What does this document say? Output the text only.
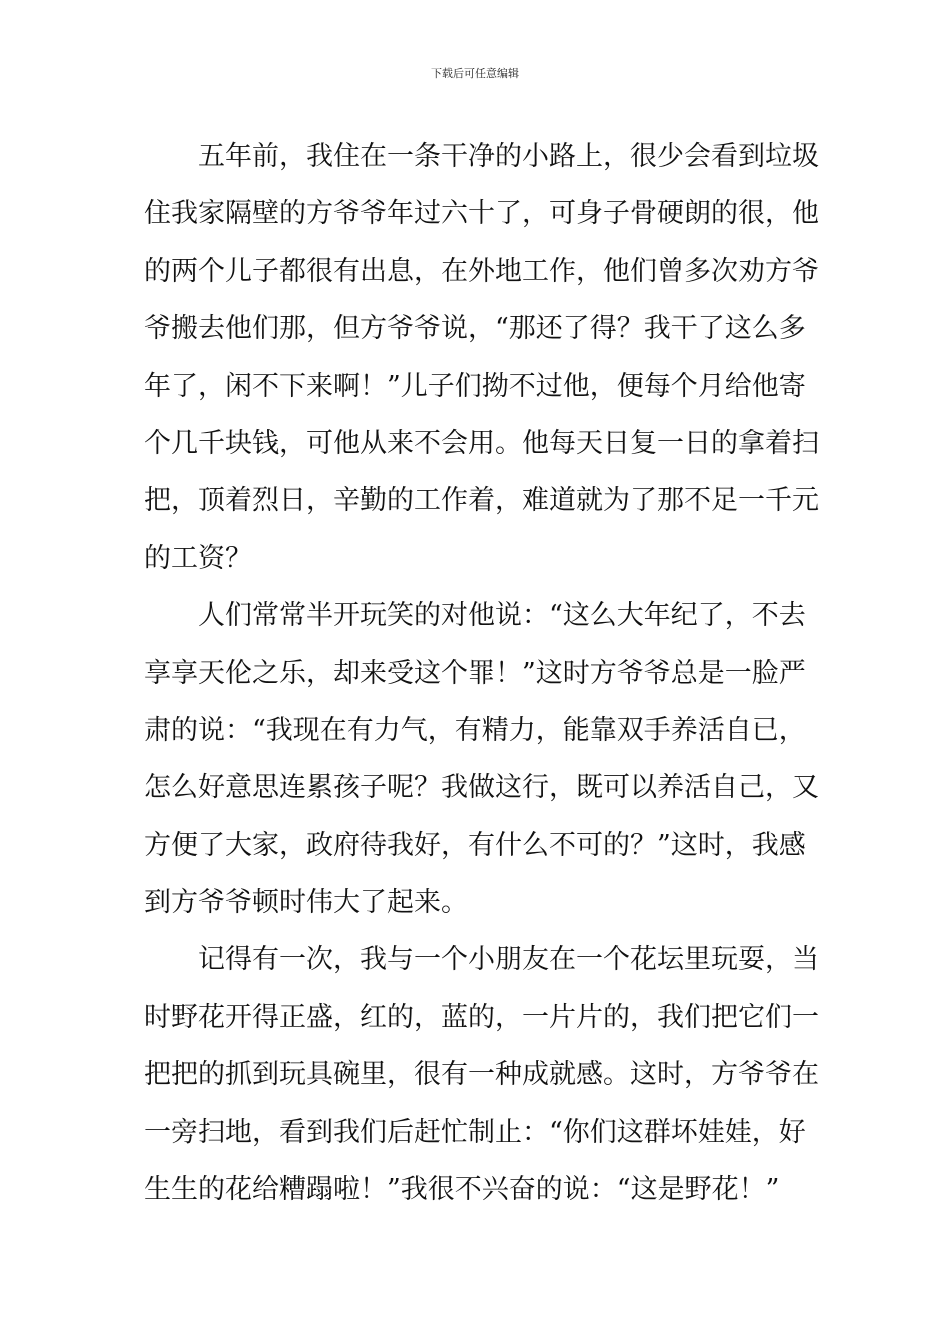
下载后可任意编辑
五年前，我住在一条干净的小路上，很少会看到垃圾
住我家隔壁的方爷爷年过六十了，可身子骨硬朗的很，他
的两个儿子都很有出息，在外地工作，他们曾多次劝方爷
爷搬去他们那，但方爷爷说，“那还了得？我干了这么多
年了，闲不下来啊！”儿子们拗不过他，便每个月给他寄
个几千块钱，可他从来不会用。他每天日复一日的拿着扫
把，顶着烈日，辛勤的工作着，难道就为了那不足一千元
的工资？
人们常常半开玩笑的对他说：“这么大年纪了，不去
享享天伦之乐，却来受这个罪！”这时方爷爷总是一脸严
肃的说：“我现在有力气，有精力，能靠双手养活自已，
怎么好意思连累孩子呢？我做这行，既可以养活自己，又
方便了大家，政府待我好，有什么不可的？”这时，我感
到方爷爷顿时伟大了起来。
记得有一次，我与一个小朋友在一个花坛里玩耍，当
时野花开得正盛，红的，蓝的，一片片的，我们把它们一
把把的抓到玩具碗里，很有一种成就感。这时，方爷爷在
一旁扫地，看到我们后赶忙制止：“你们这群坏娃娃，好
生生的花给糟蹋啦！”我很不兴奋的说：“这是野花！”
